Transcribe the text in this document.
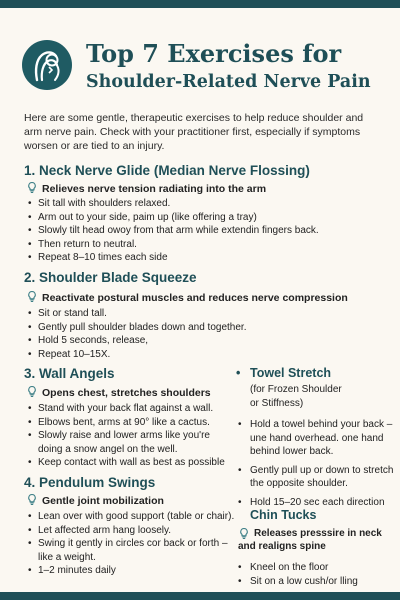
Top 7 Exercises for
Shoulder-Related Nerve Pain
Here are some gentle, therapeutic exercises to help reduce shoulder and arm nerve pain. Check with your practitioner first, especially if symptoms worsen or are tied to an injury.
1. Neck Nerve Glide (Median Nerve Flossing)
Relieves nerve tension radiating into the arm
• Sit tall with shoulders relaxed.
• Arm out to your side, paim up (like offering a tray)
• Slowly tilt head owoy from that arm while extendin fingers back.
• Then return to neutral.
• Repeat 8–10 times each side
2. Shoulder Blade Squeeze
Reactivate postural muscles and reduces nerve compression
• Sit or stand tall.
• Gently pull shoulder blades down and together.
• Hold 5 seconds, release,
• Repeat 10–15X.
3. Wall Angels
Opens chest, stretches shoulders
• Stand with your back flat against a wall.
• Elbows bent, arms at 90° like a cactus.
• Slowly raise and lower arms like you're doing a snow angel on the well.
• Keep contact with wall as best as possible
4. Pendulum Swings
Gentle joint mobilization
• Lean over with good support (table or chair).
• Let affected arm hang loosely.
• Swing it gently in circles cor back or forth – like a weight.
• 1–2 minutes daily
• Towel Stretch
(for Frozen Shoulder
or Stiffness)
• Hold a towel behind your back – une hand overhead. one hand behind lower back.
• Gently pull up or down to stretch the opposite shoulder.
• Hold 15–20 sec each direction
Chin Tucks
Releases presssire in neck and realigns spine
• Kneel on the floor
• Sit on a low cush/or lling
